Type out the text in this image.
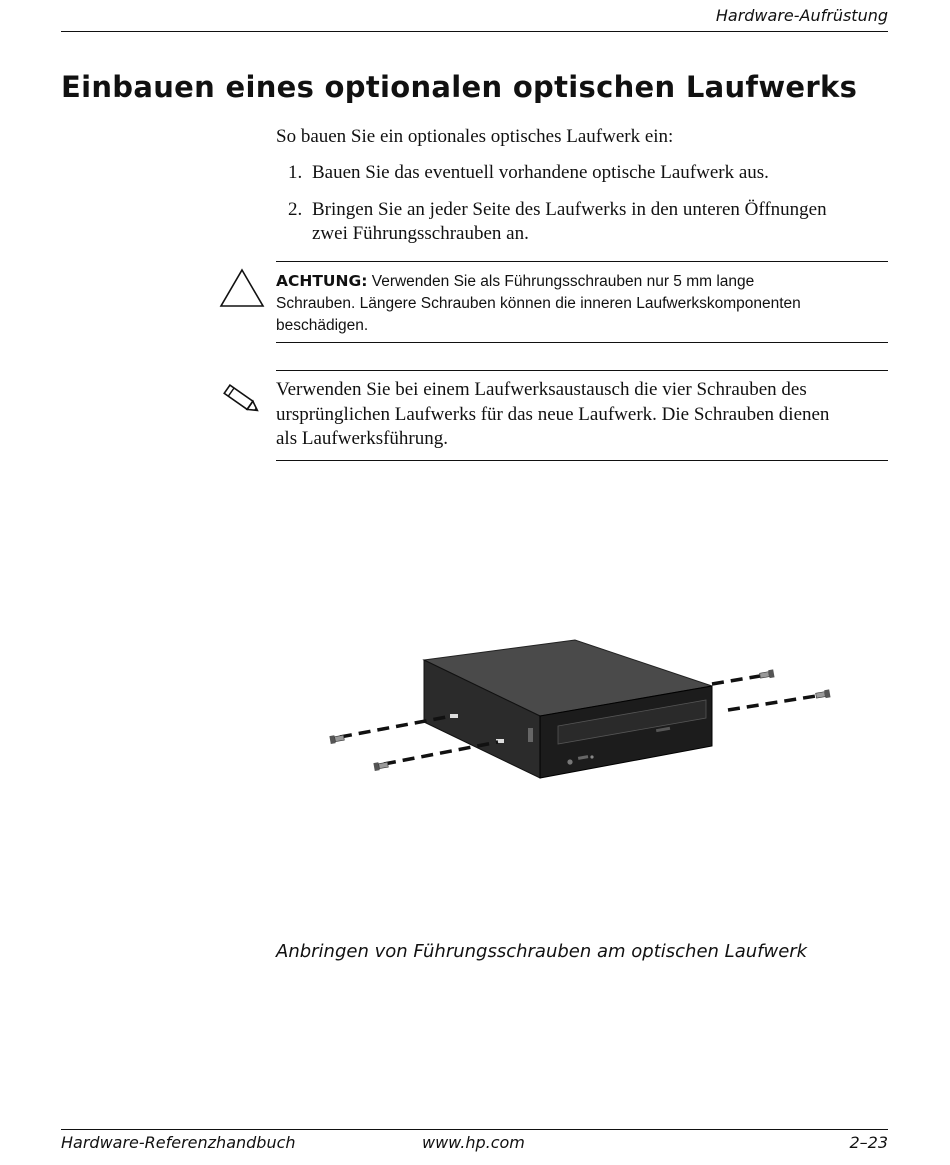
Hardware-Aufrüstung
Einbauen eines optionalen optischen Laufwerks
So bauen Sie ein optionales optisches Laufwerk ein:
1. Bauen Sie das eventuell vorhandene optische Laufwerk aus.
2. Bringen Sie an jeder Seite des Laufwerks in den unteren Öffnungen
zwei Führungsschrauben an.
ACHTUNG: Verwenden Sie als Führungsschrauben nur 5 mm lange
Schrauben. Längere Schrauben können die inneren Laufwerkskomponenten
beschädigen.
Verwenden Sie bei einem Laufwerksaustausch die vier Schrauben des
ursprünglichen Laufwerks für das neue Laufwerk. Die Schrauben dienen
als Laufwerksführung.
Anbringen von Führungsschrauben am optischen Laufwerk
Hardware-Referenzhandbuch	www.hp.com	2–23
